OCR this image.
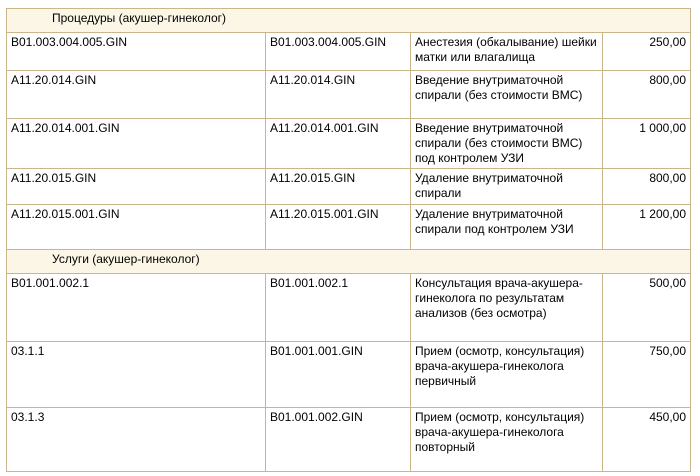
Процедуры (акушер-гинеколог)			
B01.003.004.005.GIN	B01.003.004.005.GIN	Анестезия (обкалывание) шейки матки или влагалища	250,00
A11.20.014.GIN	A11.20.014.GIN	Введение внутриматочной спирали (без стоимости ВМС)	800,00
A11.20.014.001.GIN	A11.20.014.001.GIN	Введение внутриматочной спирали (без стоимости ВМС) под контролем УЗИ	1 000,00
A11.20.015.GIN	A11.20.015.GIN	Удаление внутриматочной спирали	800,00
A11.20.015.001.GIN	A11.20.015.001.GIN	Удаление внутриматочной спирали под контролем УЗИ	1 200,00
Услуги (акушер-гинеколог)			
B01.001.002.1	B01.001.002.1	Консультация врача-акушера-гинеколога по результатам анализов (без осмотра)	500,00
03.1.1	B01.001.001.GIN	Прием (осмотр, консультация) врача-акушера-гинеколога первичный	750,00
03.1.3	B01.001.002.GIN	Прием (осмотр, консультация) врача-акушера-гинеколога повторный	450,00
